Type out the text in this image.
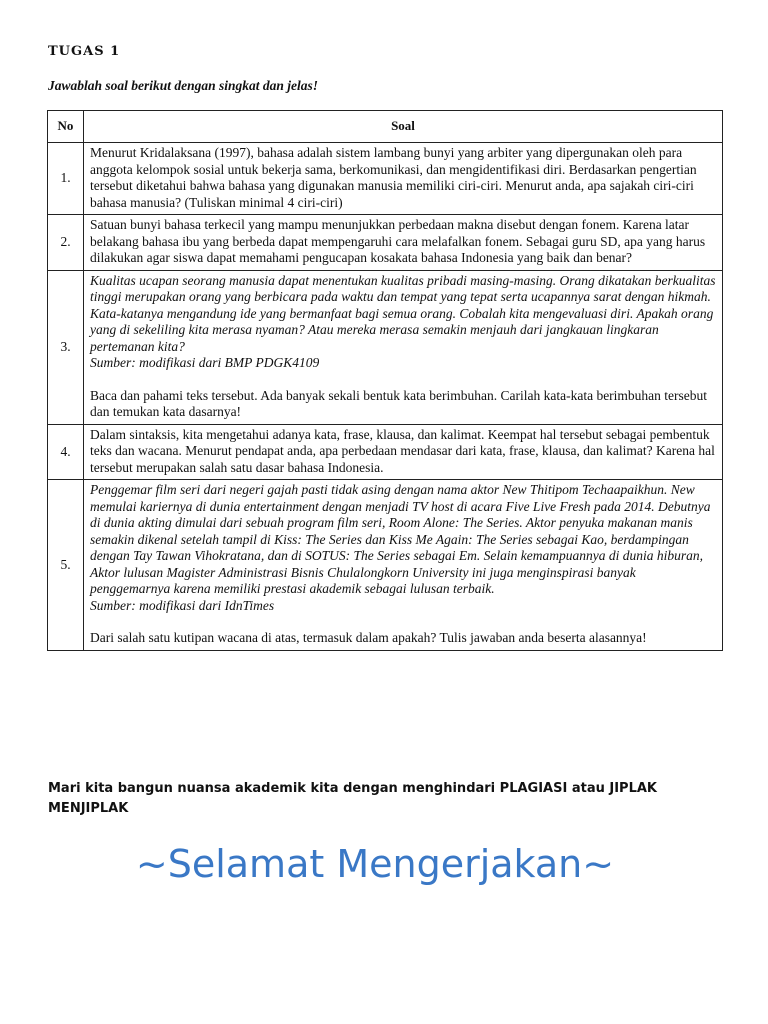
TUGAS 1
Jawablah soal berikut dengan singkat dan jelas!
No	Soal
1.	Menurut Kridalaksana (1997), bahasa adalah sistem lambang bunyi yang arbiter yang dipergunakan oleh para anggota kelompok sosial untuk bekerja sama, berkomunikasi, dan mengidentifikasi diri. Berdasarkan pengertian tersebut diketahui bahwa bahasa yang digunakan manusia memiliki ciri-ciri. Menurut anda, apa sajakah ciri-ciri bahasa manusia? (Tuliskan minimal 4 ciri-ciri)
2.	Satuan bunyi bahasa terkecil yang mampu menunjukkan perbedaan makna disebut dengan fonem. Karena latar belakang bahasa ibu yang berbeda dapat mempengaruhi cara melafalkan fonem. Sebagai guru SD, apa yang harus dilakukan agar siswa dapat memahami pengucapan kosakata bahasa Indonesia yang baik dan benar?
3.	Kualitas ucapan seorang manusia dapat menentukan kualitas pribadi masing-masing. Orang dikatakan berkualitas tinggi merupakan orang yang berbicara pada waktu dan tempat yang tepat serta ucapannya sarat dengan hikmah. Kata-katanya mengandung ide yang bermanfaat bagi semua orang. Cobalah kita mengevaluasi diri. Apakah orang yang di sekeliling kita merasa nyaman? Atau mereka merasa semakin menjauh dari jangkauan lingkaran pertemanan kita?
Sumber: modifikasi dari BMP PDGK4109
Baca dan pahami teks tersebut. Ada banyak sekali bentuk kata berimbuhan. Carilah kata-kata berimbuhan tersebut dan temukan kata dasarnya!

4.	Dalam sintaksis, kita mengetahui adanya kata, frase, klausa, dan kalimat. Keempat hal tersebut sebagai pembentuk teks dan wacana. Menurut pendapat anda, apa perbedaan mendasar dari kata, frase, klausa, dan kalimat? Karena hal tersebut merupakan salah satu dasar bahasa Indonesia.
5.	Penggemar film seri dari negeri gajah pasti tidak asing dengan nama aktor New Thitipom Techaapaikhun. New memulai kariernya di dunia entertainment dengan menjadi TV host di acara Five Live Fresh pada 2014. Debutnya di dunia akting dimulai dari sebuah program film seri, Room Alone: The Series. Aktor penyuka makanan manis semakin dikenal setelah tampil di Kiss: The Series dan Kiss Me Again: The Series sebagai Kao, berdampingan dengan Tay Tawan Vihokratana, dan di SOTUS: The Series sebagai Em. Selain kemampuannya di dunia hiburan, Aktor lulusan Magister Administrasi Bisnis Chulalongkorn University ini juga menginspirasi banyak penggemarnya karena memiliki prestasi akademik sebagai lulusan terbaik.
Sumber: modifikasi dari IdnTimes
Dari salah satu kutipan wacana di atas, termasuk dalam apakah? Tulis jawaban anda beserta alasannya!
Mari kita bangun nuansa akademik kita dengan menghindari PLAGIASI atau JIPLAK MENJIPLAK
~Selamat Mengerjakan~
